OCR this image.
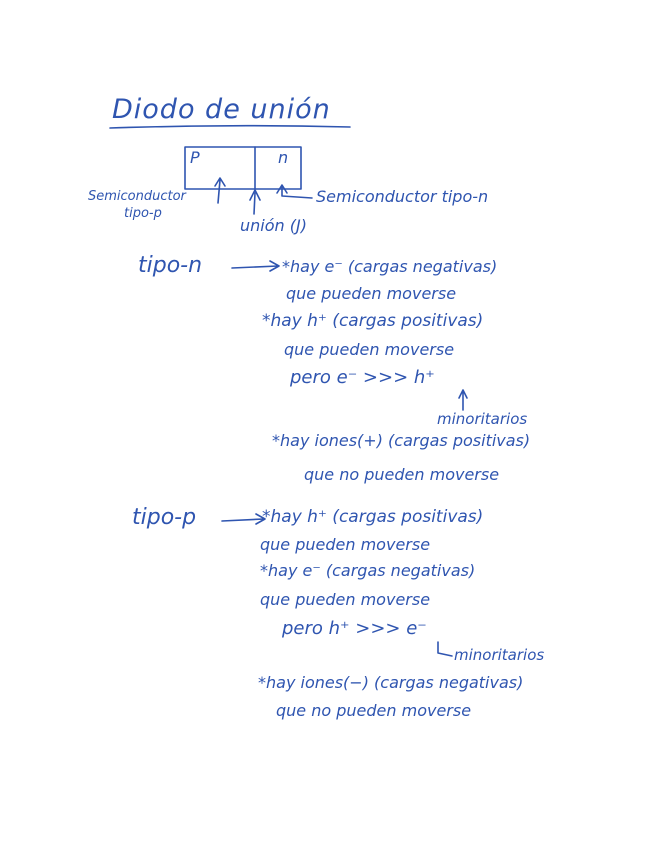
Diodo de unión
P	n
Semiconductor
tipo-p
Semiconductor tipo-n
unión (J)
tipo-n	*hay e⁻ (cargas negativas)
que pueden moverse
*hay h⁺ (cargas positivas)
que pueden moverse
pero e⁻ >>> h⁺
minoritarios
*hay iones(+) (cargas positivas)
que no pueden moverse
tipo-p	*hay h⁺ (cargas positivas)
que pueden moverse
*hay e⁻ (cargas negativas)
que pueden moverse
pero h⁺ >>> e⁻
minoritarios
*hay iones(−) (cargas negativas)
que no pueden moverse
